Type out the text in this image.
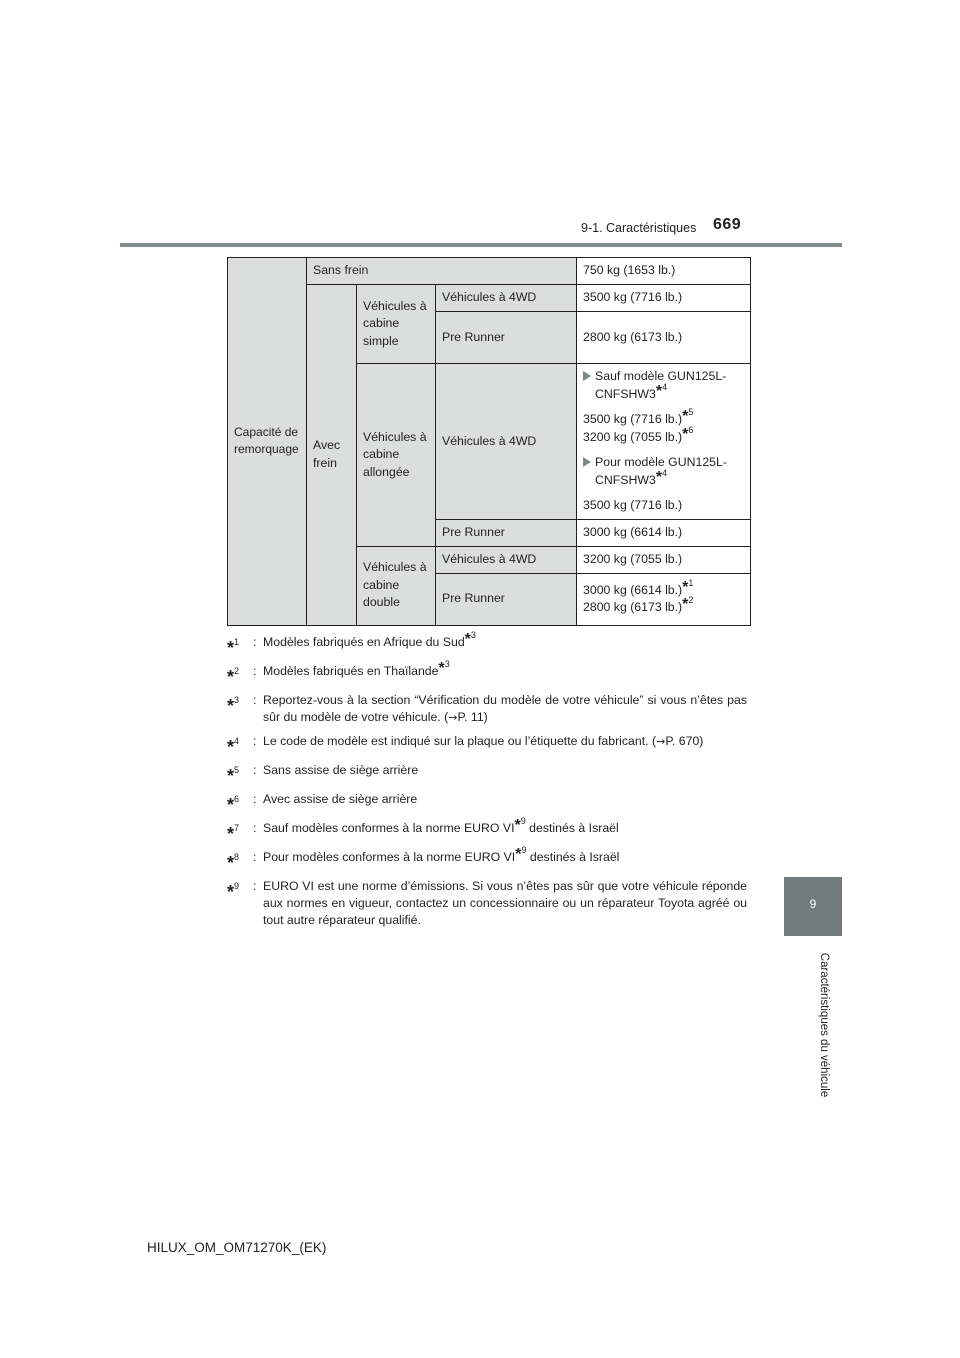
9-1. Caractéristiques 669
9
Caractéristiques du véhicule
Capacité de remorquage	Sans frein			750 kg (1653 lb.)
	Avec frein	Véhicules à cabine simple	Véhicules à 4WD	3500 kg (7716 lb.)
			Pre Runner	2800 kg (6173 lb.)
		Véhicules à cabine allongée	Véhicules à 4WD	Sauf modèle GUN125L-CNFSHW3$^{*^4}$
3500 kg (7716 lb.)$^{*^5}$
3200 kg (7055 lb.)$^{*^6}$
Pour modèle GUN125L-CNFSHW3$^{*^4}$
3500 kg (7716 lb.)

			Pre Runner	3000 kg (6614 lb.)
		Véhicules à cabine double	Véhicules à 4WD	3200 kg (7055 lb.)
			Pre Runner	3000 kg (6614 lb.)$^{*^1}$
2800 kg (6173 lb.)$^{*^2}$
*$^1$	: Modèles fabriqués en Afrique du Sud$^{*^3}$
*$^2$	: Modèles fabriqués en Thaïlande$^{*^3}$
*$^3$	: Reportez-vous à la section “Vérification du modèle de votre véhicule” si vous n’êtes pas sûr du modèle de votre véhicule. (→P. 11)
*$^4$	: Le code de modèle est indiqué sur la plaque ou l’étiquette du fabricant. (→P. 670)
*$^5$	: Sans assise de siège arrière
*$^6$	: Avec assise de siège arrière
*$^7$	: Sauf modèles conformes à la norme EURO VI$^{*^9}$ destinés à Israël
*$^8$	: Pour modèles conformes à la norme EURO VI$^{*^9}$ destinés à Israël
*$^9$	: EURO VI est une norme d’émissions. Si vous n’êtes pas sûr que votre véhicule réponde aux normes en vigueur, contactez un concessionnaire ou un réparateur Toyota agréé ou tout autre réparateur qualifié.
HILUX_OM_OM71270K_(EK)
